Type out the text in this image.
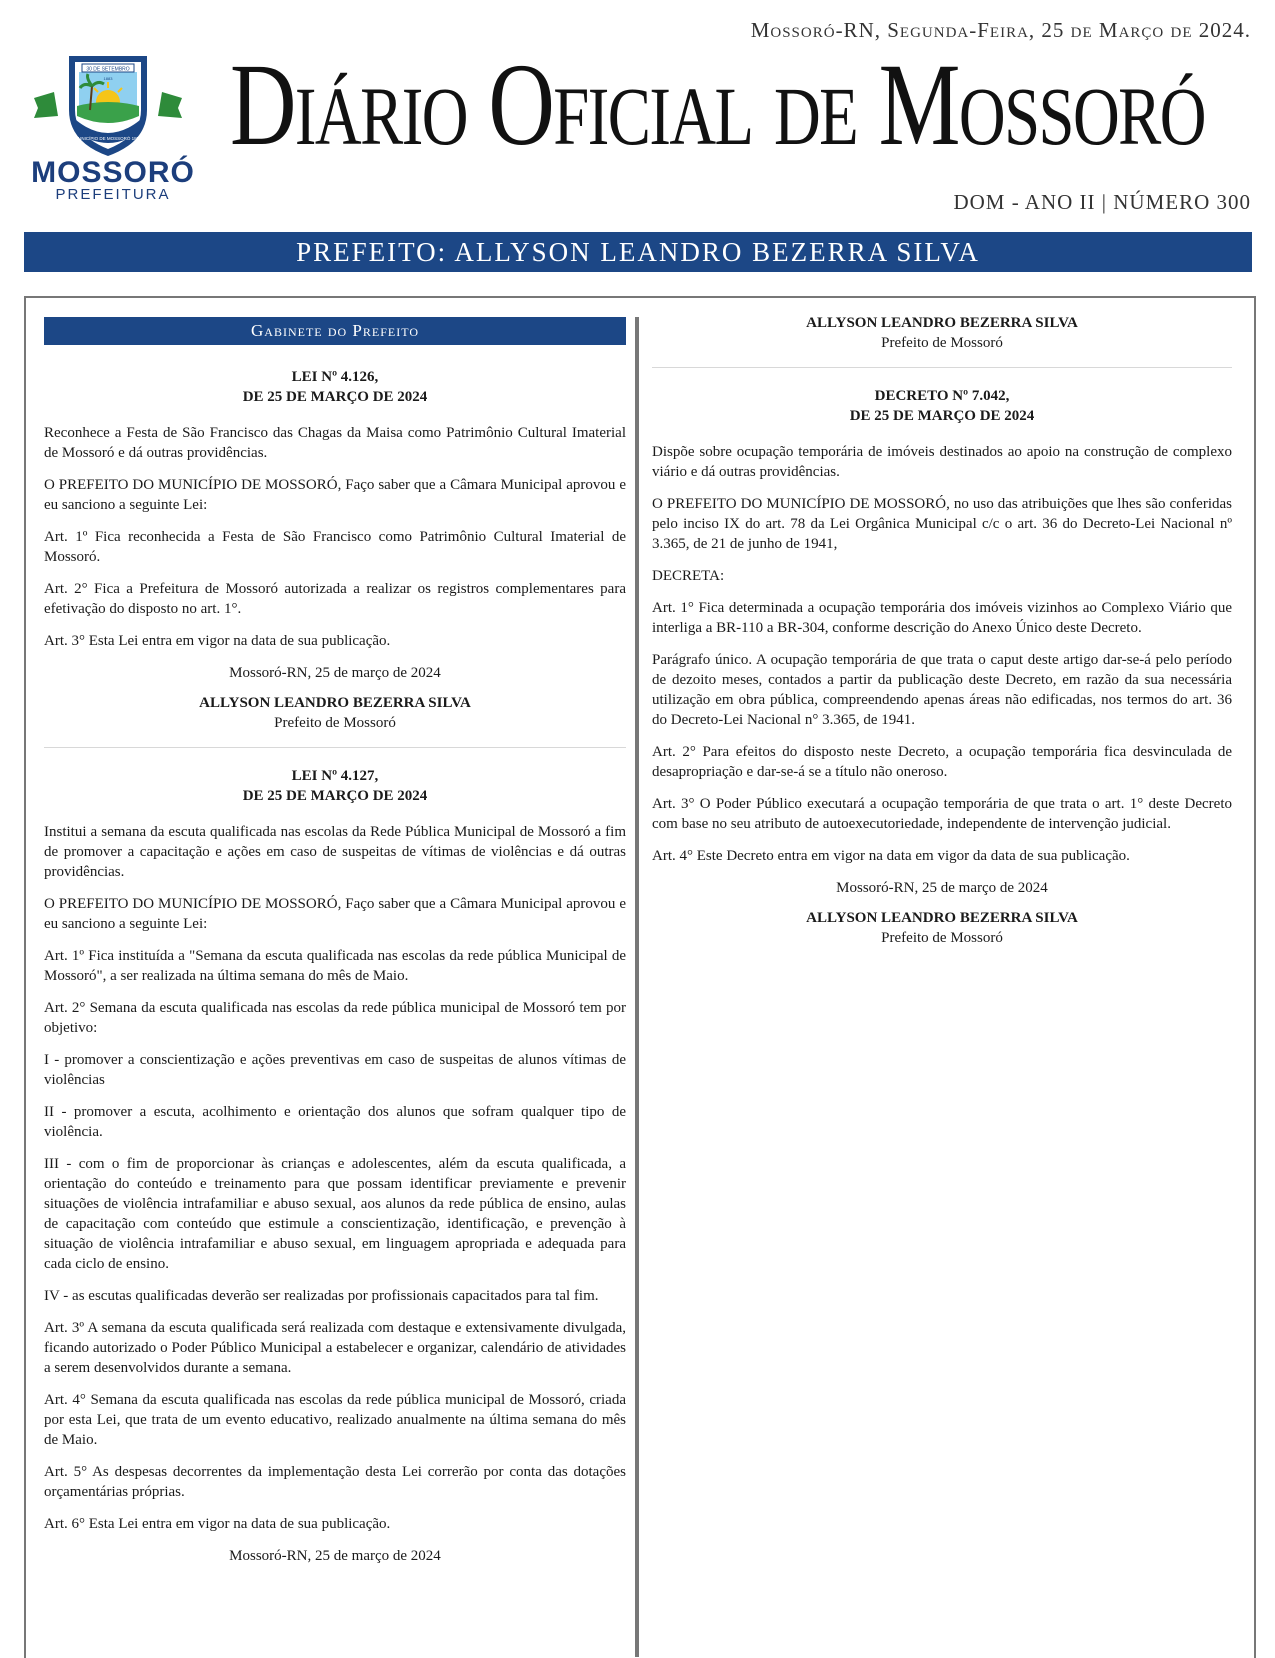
30 DE SETEMBRO
1883
MUNICÍPIO DE MOSSORÓ 1852
MOSSORÓ
PREFEITURA
Mossoró-RN, Segunda-Feira, 25 de Março de 2024.
Diário Oficial de Mossoró
DOM - ANO II | NÚMERO 300
PREFEITO: ALLYSON LEANDRO BEZERRA SILVA
Gabinete do Prefeito
LEI Nº 4.126,
DE 25 DE MARÇO DE 2024

Reconhece a Festa de São Francisco das Chagas da Maisa como Patrimônio Cultural Imaterial de Mossoró e dá outras providências.

O PREFEITO DO MUNICÍPIO DE MOSSORÓ, Faço saber que a Câmara Municipal aprovou e eu sanciono a seguinte Lei:

Art. 1º Fica reconhecida a Festa de São Francisco como Patrimônio Cultural Imaterial de Mossoró.

Art. 2° Fica a Prefeitura de Mossoró autorizada a realizar os registros complementares para efetivação do disposto no art. 1°.

Art. 3° Esta Lei entra em vigor na data de sua publicação.

Mossoró-RN, 25 de março de 2024

ALLYSON LEANDRO BEZERRA SILVA

Prefeito de Mossoró

LEI Nº 4.127,
DE 25 DE MARÇO DE 2024

Institui a semana da escuta qualificada nas escolas da Rede Pública Municipal de Mossoró a fim de promover a capacitação e ações em caso de suspeitas de vítimas de violências e dá outras providências.

O PREFEITO DO MUNICÍPIO DE MOSSORÓ, Faço saber que a Câmara Municipal aprovou e eu sanciono a seguinte Lei:

Art. 1º Fica instituída a "Semana da escuta qualificada nas escolas da rede pública Municipal de Mossoró", a ser realizada na última semana do mês de Maio.

Art. 2° Semana da escuta qualificada nas escolas da rede pública municipal de Mossoró tem por objetivo:

I - promover a conscientização e ações preventivas em caso de suspeitas de alunos vítimas de violências

II - promover a escuta, acolhimento e orientação dos alunos que sofram qualquer tipo de violência.

III - com o fim de proporcionar às crianças e adolescentes, além da escuta qualificada, a orientação do conteúdo e treinamento para que possam identificar previamente e prevenir situações de violência intrafamiliar e abuso sexual, aos alunos da rede pública de ensino, aulas de capacitação com conteúdo que estimule a conscientização, identificação, e prevenção à situação de violência intrafamiliar e abuso sexual, em linguagem apropriada e adequada para cada ciclo de ensino.

IV - as escutas qualificadas deverão ser realizadas por profissionais capacitados para tal fim.

Art. 3º A semana da escuta qualificada será realizada com destaque e extensivamente divulgada, ficando autorizado o Poder Público Municipal a estabelecer e organizar, calendário de atividades a serem desenvolvidos durante a semana.

Art. 4° Semana da escuta qualificada nas escolas da rede pública municipal de Mossoró, criada por esta Lei, que trata de um evento educativo, realizado anualmente na última semana do mês de Maio.

Art. 5° As despesas decorrentes da implementação desta Lei correrão por conta das dotações orçamentárias próprias.

Art. 6° Esta Lei entra em vigor na data de sua publicação.

Mossoró-RN, 25 de março de 2024

ALLYSON LEANDRO BEZERRA SILVA

Prefeito de Mossoró

DECRETO Nº 7.042,
DE 25 DE MARÇO DE 2024

Dispõe sobre ocupação temporária de imóveis destinados ao apoio na construção de complexo viário e dá outras providências.

O PREFEITO DO MUNICÍPIO DE MOSSORÓ, no uso das atribuições que lhes são conferidas pelo inciso IX do art. 78 da Lei Orgânica Municipal c/c o art. 36 do Decreto-Lei Nacional nº 3.365, de 21 de junho de 1941,

DECRETA:

Art. 1° Fica determinada a ocupação temporária dos imóveis vizinhos ao Complexo Viário que interliga a BR-110 a BR-304, conforme descrição do Anexo Único deste Decreto.

Parágrafo único. A ocupação temporária de que trata o caput deste artigo dar-se-á pelo período de dezoito meses, contados a partir da publicação deste Decreto, em razão da sua necessária utilização em obra pública, compreendendo apenas áreas não edificadas, nos termos do art. 36 do Decreto-Lei Nacional n° 3.365, de 1941.

Art. 2° Para efeitos do disposto neste Decreto, a ocupação temporária fica desvinculada de desapropriação e dar-se-á se a título não oneroso.

Art. 3° O Poder Público executará a ocupação temporária de que trata o art. 1° deste Decreto com base no seu atributo de autoexecutoriedade, independente de intervenção judicial.

Art. 4° Este Decreto entra em vigor na data em vigor da data de sua publicação.

Mossoró-RN, 25 de março de 2024

ALLYSON LEANDRO BEZERRA SILVA

Prefeito de Mossoró
